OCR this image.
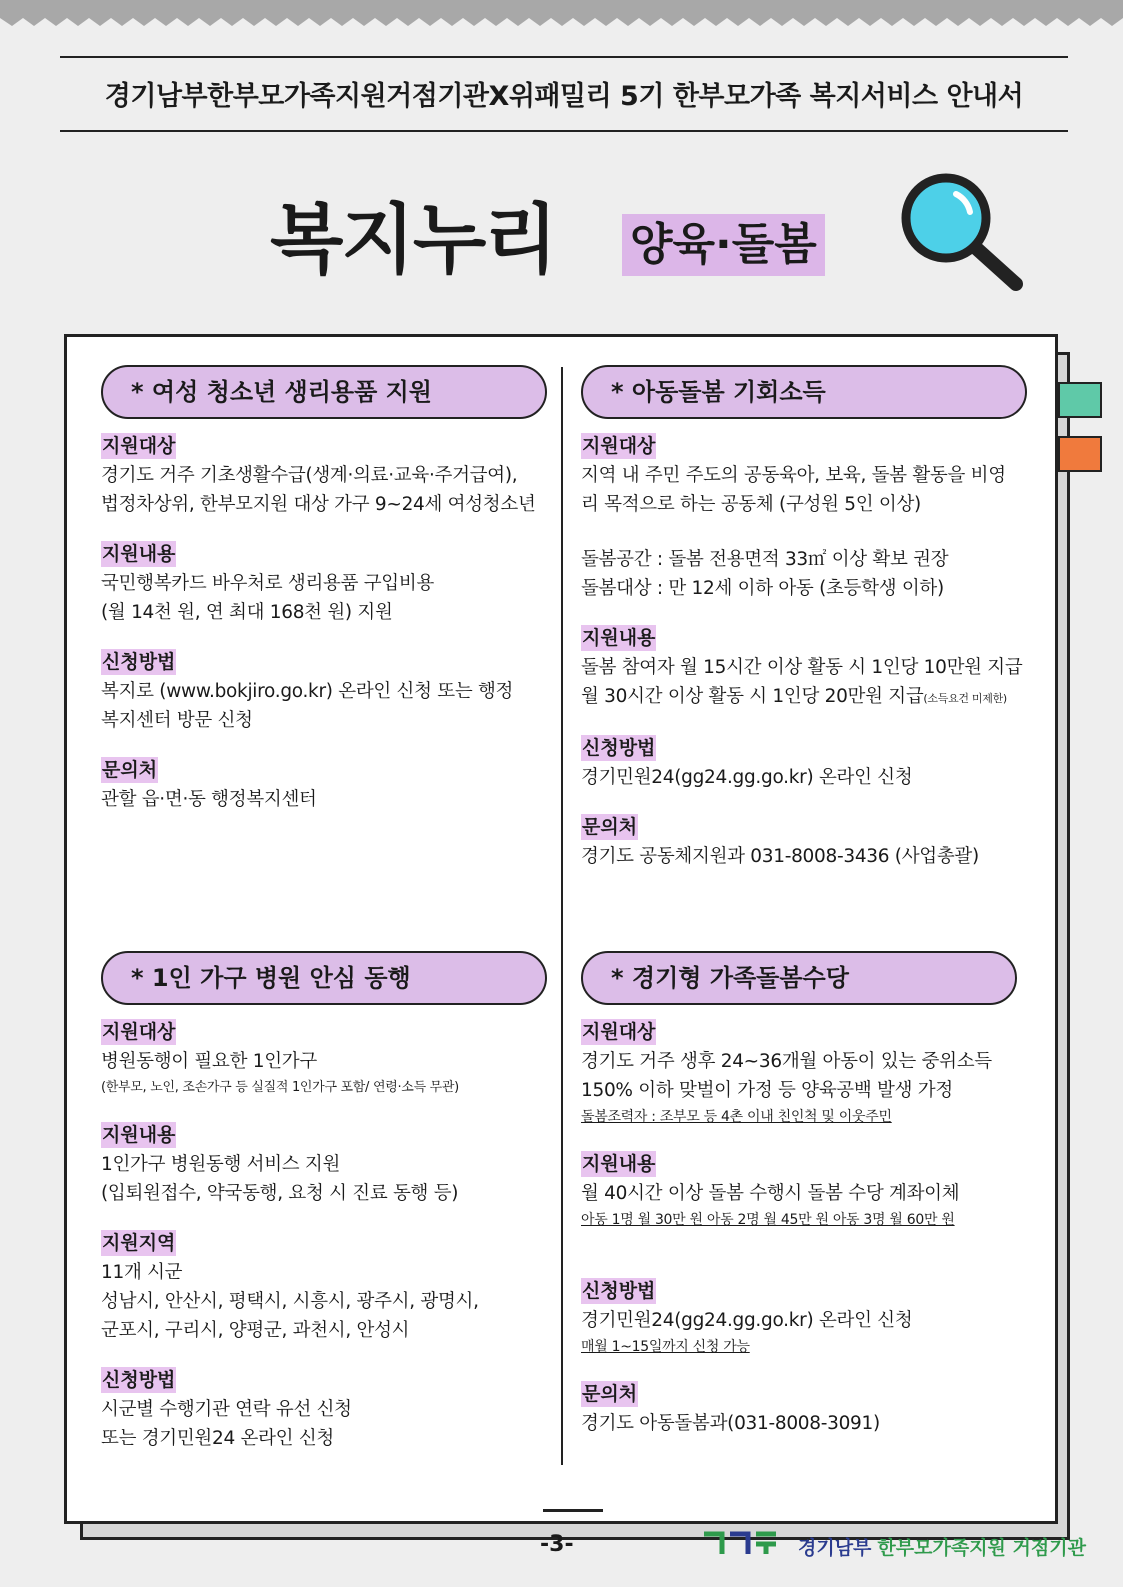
경기남부한부모가족지원거점기관X위패밀리 5기 한부모가족 복지서비스 안내서
복지누리 양육·돌봄
* 여성 청소년 생리용품 지원
지원대상
경기도 거주 기초생활수급(생계·의료·교육·주거급여),
법정차상위, 한부모지원 대상 가구 9~24세 여성청소년
지원내용
국민행복카드 바우처로 생리용품 구입비용
(월 14천 원, 연 최대 168천 원) 지원
신청방법
복지로 (www.bokjiro.go.kr) 온라인 신청 또는 행정
복지센터 방문 신청
문의처
관할 읍·면·동 행정복지센터
* 아동돌봄 기회소득
지원대상
지역 내 주민 주도의 공동육아, 보육, 돌봄 활동을 비영
리 목적으로 하는 공동체 (구성원 5인 이상)
돌봄공간 : 돌봄 전용면적 33㎡ 이상 확보 권장
돌봄대상 : 만 12세 이하 아동 (초등학생 이하)
지원내용
돌봄 참여자 월 15시간 이상 활동 시 1인당 10만원 지급
월 30시간 이상 활동 시 1인당 20만원 지급(소득요건 미제한)
신청방법
경기민원24(gg24.gg.go.kr) 온라인 신청
문의처
경기도 공동체지원과 031-8008-3436 (사업총괄)
* 1인 가구 병원 안심 동행
지원대상
병원동행이 필요한 1인가구
(한부모, 노인, 조손가구 등 실질적 1인가구 포함/ 연령·소득 무관)
지원내용
1인가구 병원동행 서비스 지원
(입퇴원접수, 약국동행, 요청 시 진료 동행 등)
지원지역
11개 시군
성남시, 안산시, 평택시, 시흥시, 광주시, 광명시,
군포시, 구리시, 양평군, 과천시, 안성시
신청방법
시군별 수행기관 연락 유선 신청
또는 경기민원24 온라인 신청
* 경기형 가족돌봄수당
지원대상
경기도 거주 생후 24~36개월 아동이 있는 중위소득
150% 이하 맞벌이 가정 등 양육공백 발생 가정
돌봄조력자 : 조부모 등 4촌 이내 친인척 및 이웃주민
지원내용
월 40시간 이상 돌봄 수행시 돌봄 수당 계좌이체
아동 1명 월 30만 원 아동 2명 월 45만 원 아동 3명 월 60만 원
신청방법
경기민원24(gg24.gg.go.kr) 온라인 신청
매월 1~15일까지 신청 가능
문의처
경기도 아동돌봄과(031-8008-3091)
-3-	경기남부 한부모가족지원 거점기관
